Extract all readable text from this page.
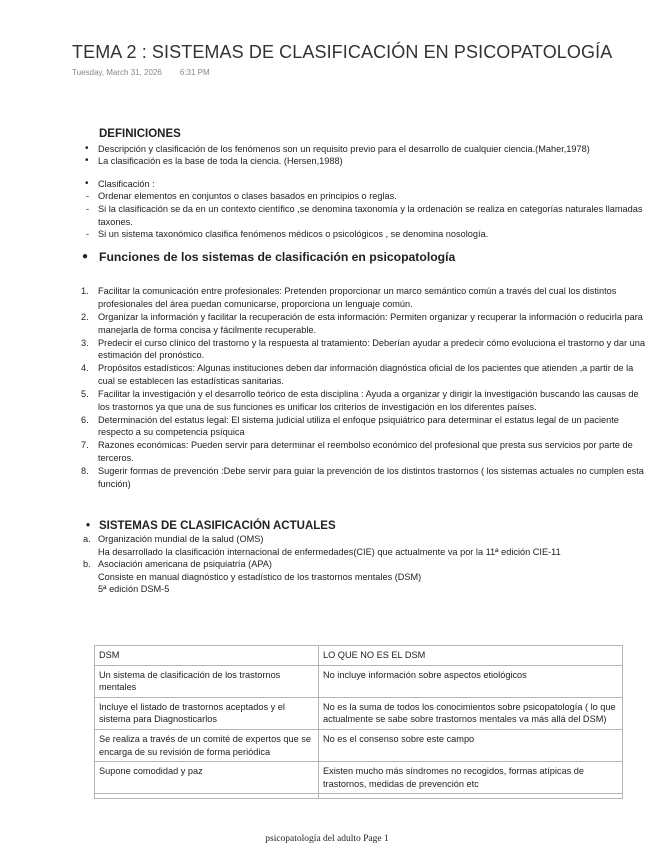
TEMA 2 : SISTEMAS DE CLASIFICACIÓN EN PSICOPATOLOGÍA
Tuesday, March 31, 2026 6:31 PM
DEFINICIONES
• Descripción y clasificación de los fenómenos son un requisito previo para el desarrollo de cualquier ciencia.(Maher,1978)
• La clasificación es la base de toda la ciencia. (Hersen,1988)
• Clasificación :
- Ordenar elementos en conjuntos o clases basados en principios o reglas.
- Si la clasificación se da en un contexto científico ,se denomina taxonomía y la ordenación se realiza en categorías naturales llamadas taxones.
- Si un sistema taxonómico clasifica fenómenos médicos o psicológicos , se denomina nosología.
● Funciones de los sistemas de clasificación en psicopatología
1. Facilitar la comunicación entre profesionales: Pretenden proporcionar un marco semántico común a través del cual los distintos profesionales del área puedan comunicarse, proporciona un lenguaje común.
2. Organizar la información y facilitar la recuperación de esta información: Permiten organizar y recuperar la información o reducirla para manejarla de forma concisa y fácilmente recuperable.
3. Predecir el curso clínico del trastorno y la respuesta al tratamiento: Deberían ayudar a predecir cómo evoluciona el trastorno y dar una estimación del pronóstico.
4. Propósitos estadísticos: Algunas instituciones deben dar información diagnóstica oficial de los pacientes que atienden ,a partir de la cual se establecen las estadísticas sanitarias.
5. Facilitar la investigación y el desarrollo teórico de esta disciplina : Ayuda a organizar y dirigir la investigación buscando las causas de los trastornos ya que una de sus funciones es unificar los criterios de investigación en los diferentes países.
6. Determinación del estatus legal: El sistema judicial utiliza el enfoque psiquiátrico para determinar el estatus legal de un paciente respecto a su competencia psíquica
7. Razones económicas: Pueden servir para determinar el reembolso económico del profesional que presta sus servicios por parte de terceros.
8. Sugerir formas de prevención :Debe servir para guiar la prevención de los distintos trastornos ( los sistemas actuales no cumplen esta función)
• SISTEMAS DE CLASIFICACIÓN ACTUALES
a. Organización mundial de la salud (OMS)
Ha desarrollado la clasificación internacional de enfermedades(CIE) que actualmente va por la 11ª edición CIE-11
b. Asociación americana de psiquiatría (APA)
Consiste en manual diagnóstico y estadístico de los trastornos mentales (DSM)
5ª edición DSM-5
DSM	LO QUE NO ES EL DSM
Un sistema de clasificación de los trastornos mentales	No incluye información sobre aspectos etiológicos
Incluye el listado de trastornos aceptados y el sistema para Diagnosticarlos	No es la suma de todos los conocimientos sobre psicopatología ( lo que actualmente se sabe sobre trastornos mentales va más allá del DSM)
Se realiza a través de un comité de expertos que se encarga de su revisión de forma periódica	No es el consenso sobre este campo
Supone comodidad y paz	Existen mucho más síndromes no recogidos, formas atípicas de trastornos, medidas de prevención etc

psicopatología del adulto Page 1
